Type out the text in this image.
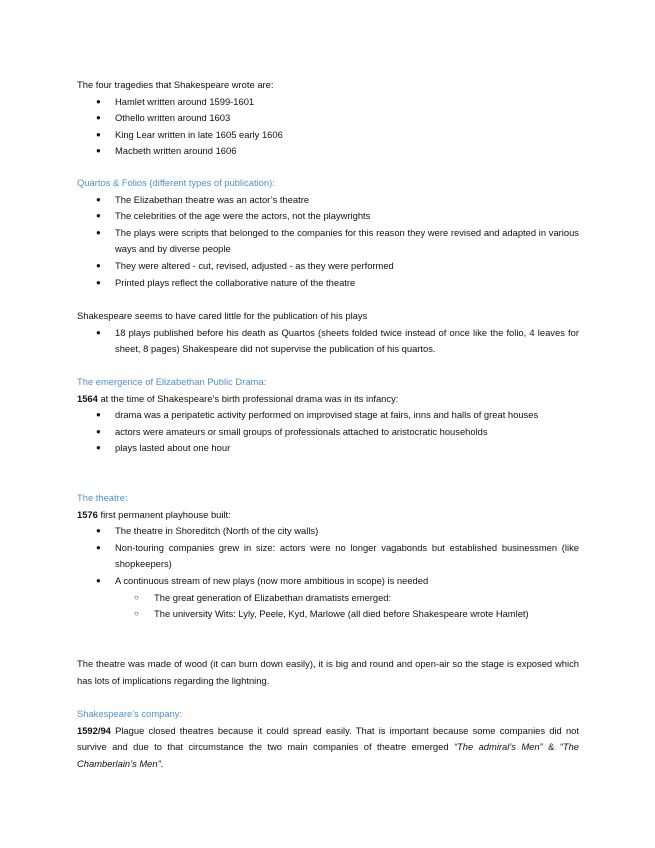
The four tragedies that Shakespeare wrote are:
● Hamlet written around 1599-1601
● Othello written around 1603
● King Lear written in late 1605 early 1606
● Macbeth written around 1606
Quartos & Folios (different types of publication):
● The Elizabethan theatre was an actor’s theatre
● The celebrities of the age were the actors, not the playwrights
● The plays were scripts that belonged to the companies for this reason they were revised and adapted in various ways and by diverse people
● They were altered - cut, revised, adjusted - as they were performed
● Printed plays reflect the collaborative nature of the theatre
Shakespeare seems to have cared little for the publication of his plays
● 18 plays published before his death as Quartos (sheets folded twice instead of once like the folio, 4 leaves for sheet, 8 pages) Shakespeare did not supervise the publication of his quartos.
The emergence of Elizabethan Public Drama:
1564 at the time of Shakespeare’s birth professional drama was in its infancy:
● drama was a peripatetic activity performed on improvised stage at fairs, inns and halls of great houses
● actors were amateurs or small groups of professionals attached to aristocratic households
● plays lasted about one hour
The theatre:
1576 first permanent playhouse built:
● The theatre in Shoreditch (North of the city walls)
● Non-touring companies grew in size: actors were no longer vagabonds but established businessmen (like shopkeepers)
● A continuous stream of new plays (now more ambitious in scope) is needed
○ The great generation of Elizabethan dramatists emerged:
○ The university Wits: Lyly, Peele, Kyd, Marlowe (all died before Shakespeare wrote Hamlet)
The theatre was made of wood (it can burn down easily), it is big and round and open-air so the stage is exposed which has lots of implications regarding the lightning.
Shakespeare’s company:
1592/94 Plague closed theatres because it could spread easily. That is important because some companies did not survive and due to that circumstance the two main companies of theatre emerged “The admiral’s Men” & “The Chamberlain’s Men”.
